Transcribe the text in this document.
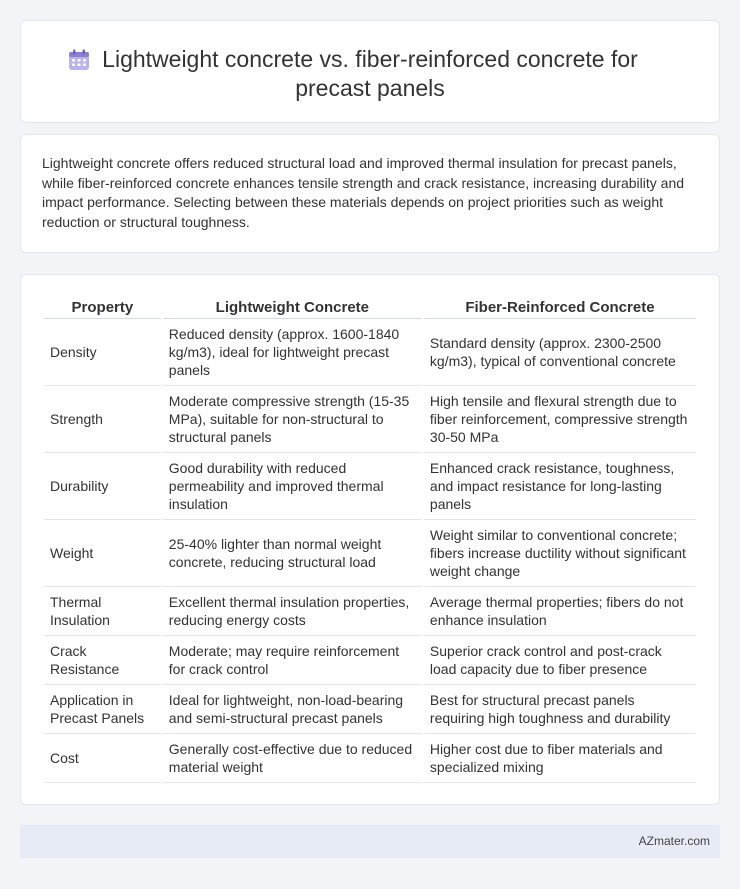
Lightweight concrete vs. fiber-reinforced concrete for precast panels

Lightweight concrete offers reduced structural load and improved thermal insulation for precast panels, while fiber-reinforced concrete enhances tensile strength and crack resistance, increasing durability and impact performance. Selecting between these materials depends on project priorities such as weight reduction or structural toughness.

Property	Lightweight Concrete	Fiber-Reinforced Concrete
Density	Reduced density (approx. 1600-1840 kg/m3), ideal for lightweight precast panels	Standard density (approx. 2300-2500 kg/m3), typical of conventional concrete
Strength	Moderate compressive strength (15-35 MPa), suitable for non-structural to structural panels	High tensile and flexural strength due to fiber reinforcement, compressive strength 30-50 MPa
Durability	Good durability with reduced permeability and improved thermal insulation	Enhanced crack resistance, toughness, and impact resistance for long-lasting panels
Weight	25-40% lighter than normal weight concrete, reducing structural load	Weight similar to conventional concrete; fibers increase ductility without significant weight change
Thermal Insulation	Excellent thermal insulation properties, reducing energy costs	Average thermal properties; fibers do not enhance insulation
Crack Resistance	Moderate; may require reinforcement for crack control	Superior crack control and post-crack load capacity due to fiber presence
Application in Precast Panels	Ideal for lightweight, non-load-bearing and semi-structural precast panels	Best for structural precast panels requiring high toughness and durability
Cost	Generally cost-effective due to reduced material weight	Higher cost due to fiber materials and specialized mixing
AZmater.com
